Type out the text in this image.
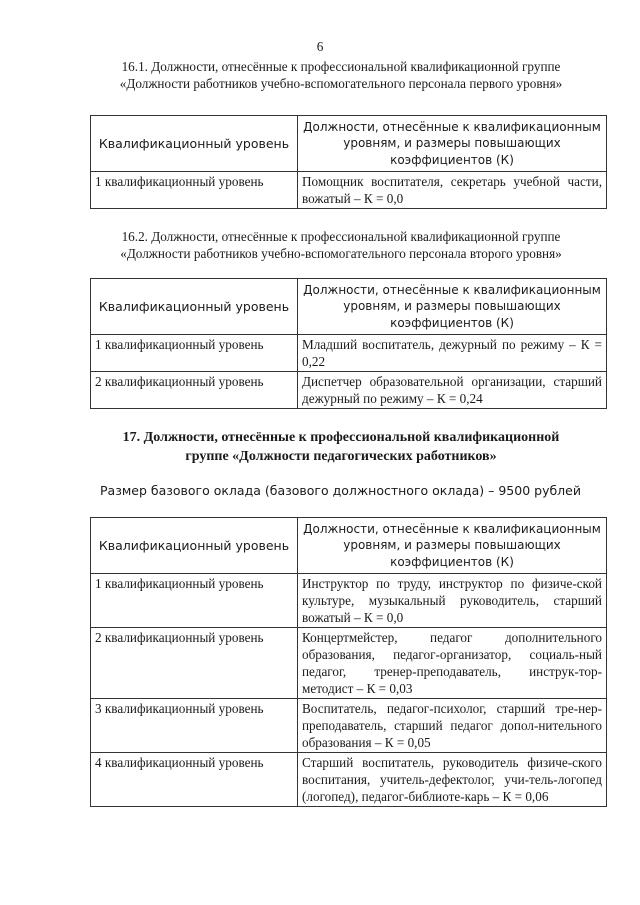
6
16.1. Должности, отнесённые к профессиональной квалификационной группе
«Должности работников учебно-вспомогательного персонала первого уровня»
Квалификационный уровень	Должности, отнесённые к квалификационным уровням, и размеры повышающих коэффициентов (К)
1 квалификационный уровень	Помощник воспитателя, секретарь учебной части, вожатый – К = 0,0
16.2. Должности, отнесённые к профессиональной квалификационной группе
«Должности работников учебно-вспомогательного персонала второго уровня»
Квалификационный уровень	Должности, отнесённые к квалификационным уровням, и размеры повышающих коэффициентов (К)
1 квалификационный уровень	Младший воспитатель, дежурный по режиму – К = 0,22
2 квалификационный уровень	Диспетчер образовательной организации, старший дежурный по режиму – К = 0,24
17. Должности, отнесённые к профессиональной квалификационной
группе «Должности педагогических работников»
Размер базового оклада (базового должностного оклада) – 9500 рублей
Квалификационный уровень	Должности, отнесённые к квалификационным уровням, и размеры повышающих коэффициентов (К)
1 квалификационный уровень	Инструктор по труду, инструктор по физиче-ской культуре, музыкальный руководитель, старший вожатый – К = 0,0
2 квалификационный уровень	Концертмейстер, педагог дополнительного образования, педагог-организатор, социаль-ный педагог, тренер-преподаватель, инструк-тор-методист – К = 0,03
3 квалификационный уровень	Воспитатель, педагог-психолог, старший тре-нер-преподаватель, старший педагог допол-нительного образования – К = 0,05
4 квалификационный уровень	Старший воспитатель, руководитель физиче-ского воспитания, учитель-дефектолог, учи-тель-логопед (логопед), педагог-библиоте-карь – К = 0,06
